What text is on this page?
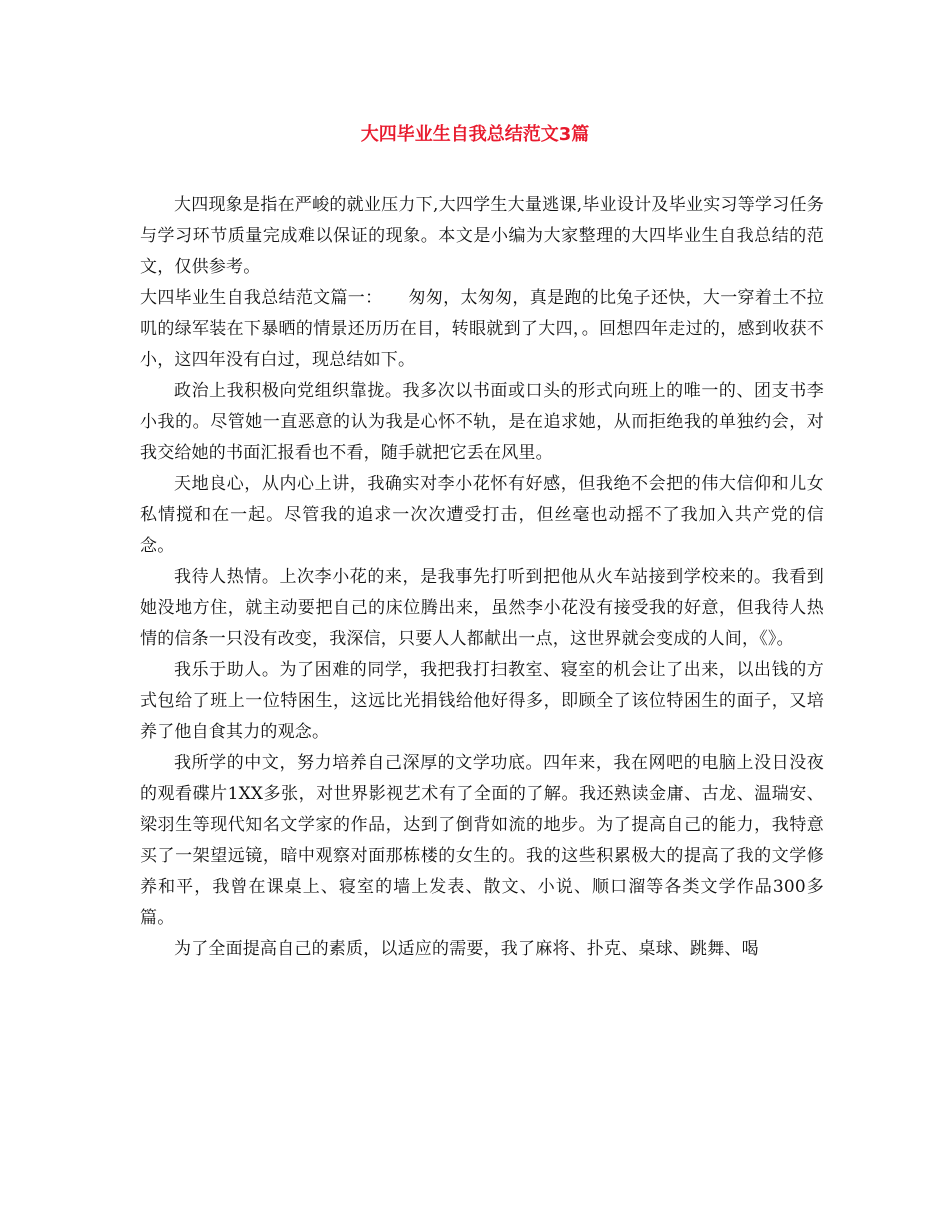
大四毕业生自我总结范文3篇

大四现象是指在严峻的就业压力下,大四学生大量逃课,毕业设计及毕业实习等学习任务与学习环节质量完成难以保证的现象。本文是小编为大家整理的大四毕业生自我总结的范文，仅供参考。

大四毕业生自我总结范文篇一：　　匆匆，太匆匆，真是跑的比兔子还快，大一穿着土不拉叽的绿军装在下暴晒的情景还历历在目，转眼就到了大四，。回想四年走过的，感到收获不小，这四年没有白过，现总结如下。

政治上我积极向党组织靠拢。我多次以书面或口头的形式向班上的唯一的、团支书李小我的。尽管她一直恶意的认为我是心怀不轨，是在追求她，从而拒绝我的单独约会，对我交给她的书面汇报看也不看，随手就把它丢在风里。

天地良心，从内心上讲，我确实对李小花怀有好感，但我绝不会把的伟大信仰和儿女私情搅和在一起。尽管我的追求一次次遭受打击，但丝毫也动摇不了我加入共产党的信念。

我待人热情。上次李小花的来，是我事先打听到把他从火车站接到学校来的。我看到她没地方住，就主动要把自己的床位腾出来，虽然李小花没有接受我的好意，但我待人热情的信条一只没有改变，我深信，只要人人都献出一点，这世界就会变成的人间，《》。

我乐于助人。为了困难的同学，我把我打扫教室、寝室的机会让了出来，以出钱的方式包给了班上一位特困生，这远比光捐钱给他好得多，即顾全了该位特困生的面子，又培养了他自食其力的观念。

我所学的中文，努力培养自己深厚的文学功底。四年来，我在网吧的电脑上没日没夜的观看碟片1XX多张，对世界影视艺术有了全面的了解。我还熟读金庸、古龙、温瑞安、梁羽生等现代知名文学家的作品，达到了倒背如流的地步。为了提高自己的能力，我特意买了一架望远镜，暗中观察对面那栋楼的女生的。我的这些积累极大的提高了我的文学修养和平，我曾在课桌上、寝室的墙上发表、散文、小说、顺口溜等各类文学作品300多篇。

为了全面提高自己的素质，以适应的需要，我了麻将、扑克、桌球、跳舞、喝
